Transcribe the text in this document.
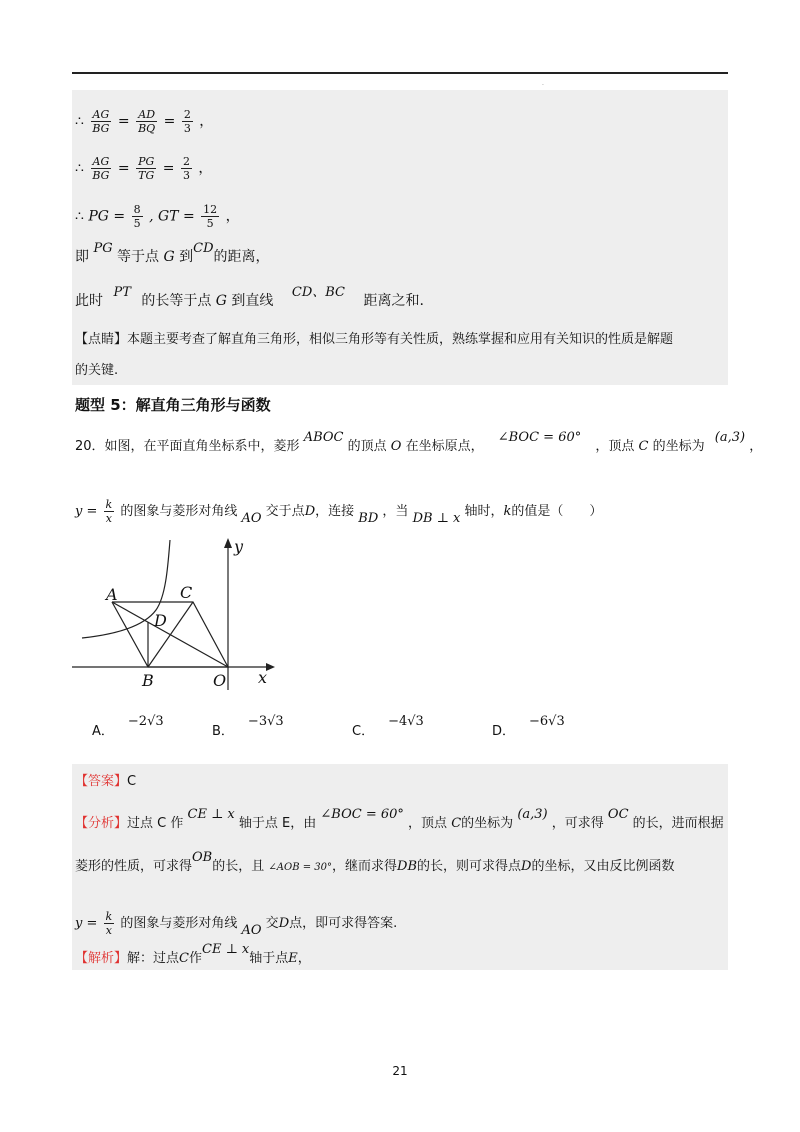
.
∴ $\frac{AG}{BG} = \frac{AD}{BQ} = \frac{2}{3}$ ，
∴ $\frac{AG}{BG} = \frac{PG}{TG} = \frac{2}{3}$ ，
∴ PG = $\frac{8}{5}$ , GT = $\frac{12}{5}$ ，
即 PG 等于点 G 到CD的距离，
此时 PT 的长等于点 G 到直线 CD、BC 距离之和.
【点睛】本题主要考查了解直角三角形，相似三角形等有关性质，熟练掌握和应用有关知识的性质是解题
的关键.
题型 5：解直角三角形与函数
20．如图，在平面直角坐标系中，菱形 ABOC 的顶点 O 在坐标原点， ∠BOC = 60° ，顶点 C 的坐标为 (a,3) ，
$y = \frac{k}{x}$ 的图象与菱形对角线 AO 交于点D，连接 BD ，当 DB ⊥ x 轴时，k的值是（　　）
y
x
A	C
D
B	O
A．−2√3
B．−3√3
C．−4√3
D．−6√3
【答案】C
【分析】过点 C 作 CE ⊥ x 轴于点 E，由 ∠BOC = 60° ，顶点 C的坐标为 (a,3) ，可求得 OC 的长，进而根据
菱形的性质，可求得OB的长，且 ∠AOB = 30°，继而求得DB的长，则可求得点D的坐标，又由反比例函数
$y = \frac{k}{x}$ 的图象与菱形对角线 AO 交D点，即可求得答案.
【解析】解：过点C作CE ⊥ x轴于点E，
21
